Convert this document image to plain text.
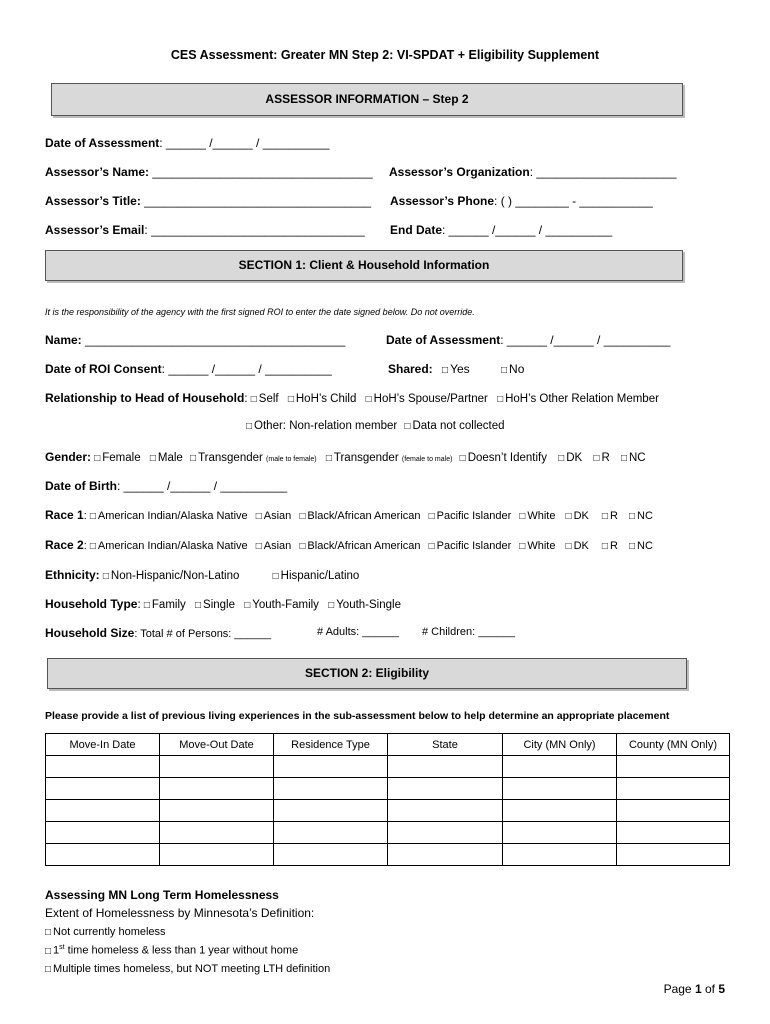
CES Assessment: Greater MN Step 2: VI-SPDAT + Eligibility Supplement
ASSESSOR INFORMATION – Step 2
Date of Assessment: ______ /______ / __________
Assessor’s Name: _________________________________ Assessor’s Organization: _____________________
Assessor’s Title: __________________________________ Assessor’s Phone: ( ) ________ - ___________
Assessor’s Email: ________________________________ End Date: ______ /______ / __________
SECTION 1: Client & Household Information
It is the responsibility of the agency with the first signed ROI to enter the date signed below. Do not override.
Name: _______________________________________	Date of Assessment: ______ /______ / __________
Date of ROI Consent: ______ /______ / __________	Shared: □ Yes	□ No
Relationship to Head of Household: □ Self □ HoH’s Child □ HoH’s Spouse/Partner □ HoH’s Other Relation Member
□ Other: Non-relation member □ Data not collected
Gender: □ Female □ Male □ Transgender (male to female) □ Transgender (female to male) □ Doesn’t Identify □ DK □ R □ NC
Date of Birth: ______ /______ / __________
Race 1: □ American Indian/Alaska Native □ Asian □ Black/African American □ Pacific Islander □ White □ DK □ R □ NC
Race 2: □ American Indian/Alaska Native □ Asian □ Black/African American □ Pacific Islander □ White □ DK □ R □ NC
Ethnicity: □ Non-Hispanic/Non-Latino	□ Hispanic/Latino
Household Type: □ Family □ Single □ Youth-Family □ Youth-Single
Household Size: Total # of Persons: ______	# Adults: ______ # Children: ______
SECTION 2: Eligibility
Please provide a list of previous living experiences in the sub-assessment below to help determine an appropriate placement
Move-In Date	Move-Out Date	Residence Type	State	City (MN Only)	County (MN Only)

Assessing MN Long Term Homelessness
Extent of Homelessness by Minnesota’s Definition:
□ Not currently homeless
□ 1st time homeless & less than 1 year without home
□ Multiple times homeless, but NOT meeting LTH definition
Page 1 of 5
